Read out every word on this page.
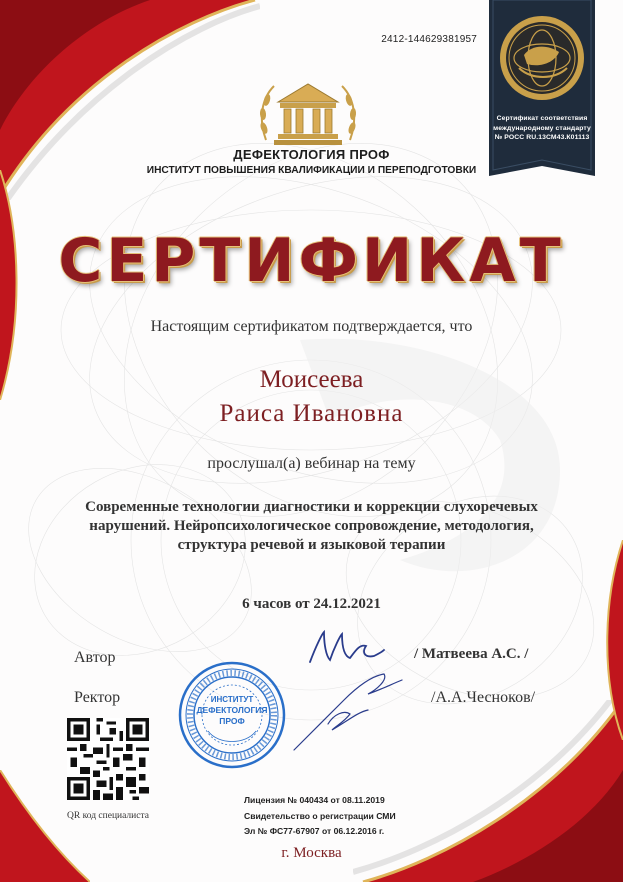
2412-144629381957
Сертификат соответствия
международному стандарту
№ РОСС RU.13СМ43.К01113
ДЕФЕКТОЛОГИЯ ПРОФ
ИНСТИТУТ ПОВЫШЕНИЯ КВАЛИФИКАЦИИ И ПЕРЕПОДГОТОВКИ
СЕРТИФИКАТ
Настоящим сертификатом подтверждается, что
Моисеева
Раиса Ивановна
прослушал(а) вебинар на тему
Современные технологии диагностики и коррекции слухоречевых
нарушений. Нейропсихологическое сопровождение, методология,
структура речевой и языковой терапии
6 часов от 24.12.2021
Автор	/ Матвеева А.С. /
Ректор	/А.А.Чесноков/
ИНСТИТУТ
ДЕФЕКТОЛОГИЯ
ПРОФ
QR код специалиста
Лицензия № 040434 от 08.11.2019
Свидетельство о регистрации СМИ
Эл № ФС77-67907 от 06.12.2016 г.
г. Москва
